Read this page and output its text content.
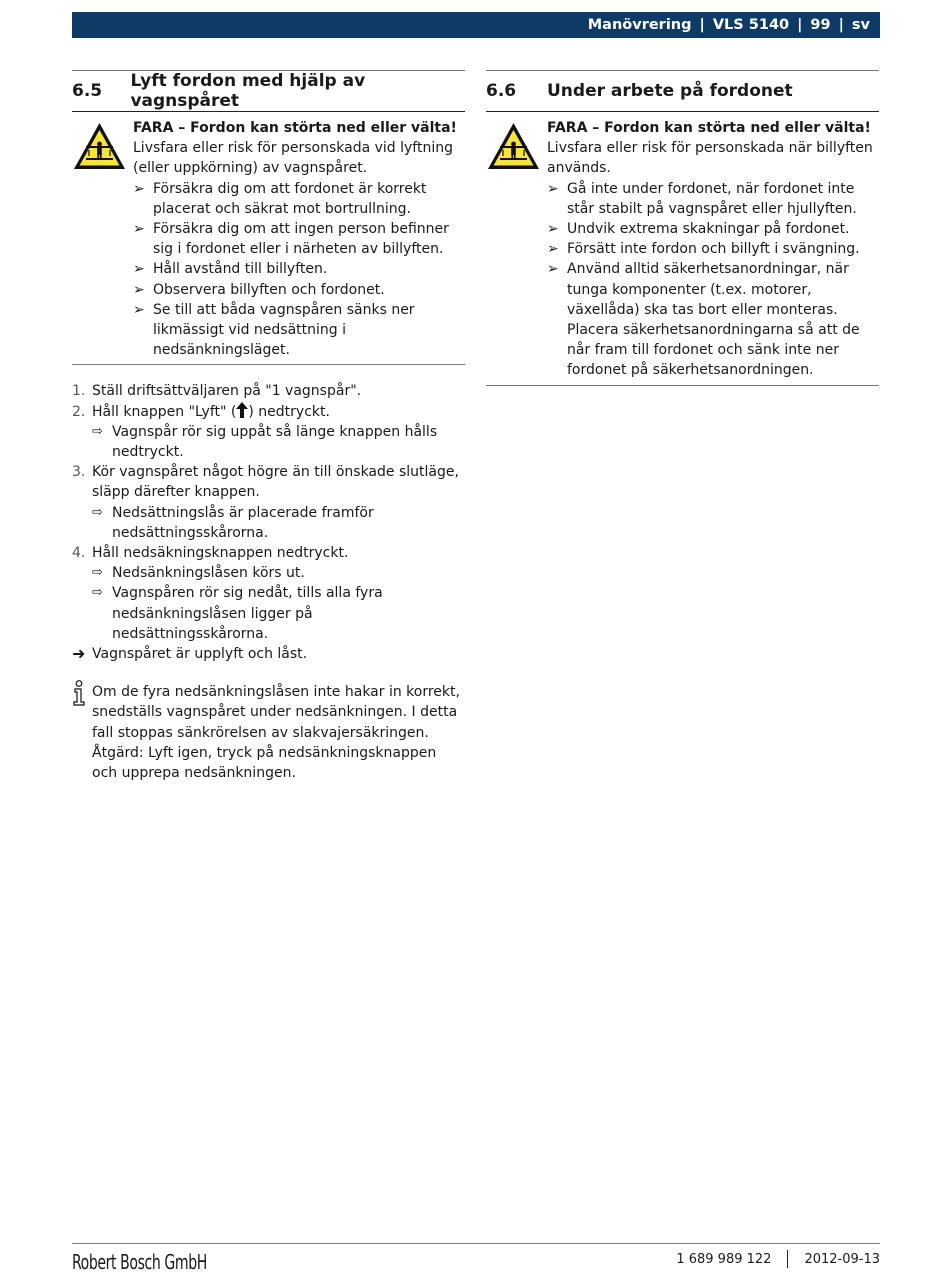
Manövrering | VLS 5140 | 99 | sv
6.5	Lyft fordon med hjälp av vagnspåret
FARA – Fordon kan störta ned eller välta!
Livsfara eller risk för personskada vid lyftning (eller uppkörning) av vagnspåret.
➢ Försäkra dig om att fordonet är korrekt placerat och säkrat mot bortrullning.
➢ Försäkra dig om att ingen person befinner sig i fordonet eller i närheten av billyften.
➢ Håll avstånd till billyften.
➢ Observera billyften och fordonet.
➢ Se till att båda vagnspåren sänks ner likmässigt vid nedsättning i nedsänkningsläget.
1. Ställ driftsättväljaren på "1 vagnspår".
2. Håll knappen "Lyft" ( ) nedtryckt.
⇨ Vagnspår rör sig uppåt så länge knappen hålls nedtryckt.
3. Kör vagnspåret något högre än till önskade slutläge, släpp därefter knappen.
⇨ Nedsättningslås är placerade framför nedsättningsskårorna.
4. Håll nedsäkningsknappen nedtryckt.
⇨ Nedsänkningslåsen körs ut.
⇨ Vagnspåren rör sig nedåt, tills alla fyra nedsänkningslåsen ligger på nedsättningsskårorna.
➜ Vagnspåret är upplyft och låst.
Om de fyra nedsänkningslåsen inte hakar in korrekt, snedställs vagnspåret under nedsänkningen. I detta fall stoppas sänkrörelsen av slakvajersäkringen. Åtgärd: Lyft igen, tryck på nedsänkningsknappen och upprepa nedsänkningen.
6.6	Under arbete på fordonet
FARA – Fordon kan störta ned eller välta!
Livsfara eller risk för personskada när billyften används.
➢ Gå inte under fordonet, när fordonet inte står stabilt på vagnspåret eller hjullyften.
➢ Undvik extrema skakningar på fordonet.
➢ Försätt inte fordon och billyft i svängning.
➢ Använd alltid säkerhetsanordningar, när tunga komponenter (t.ex. motorer, växellåda) ska tas bort eller monteras. Placera säkerhetsanordningarna så att de når fram till fordonet och sänk inte ner fordonet på säkerhetsanordningen.
Robert Bosch GmbH	1 689 989 122	2012-09-13
